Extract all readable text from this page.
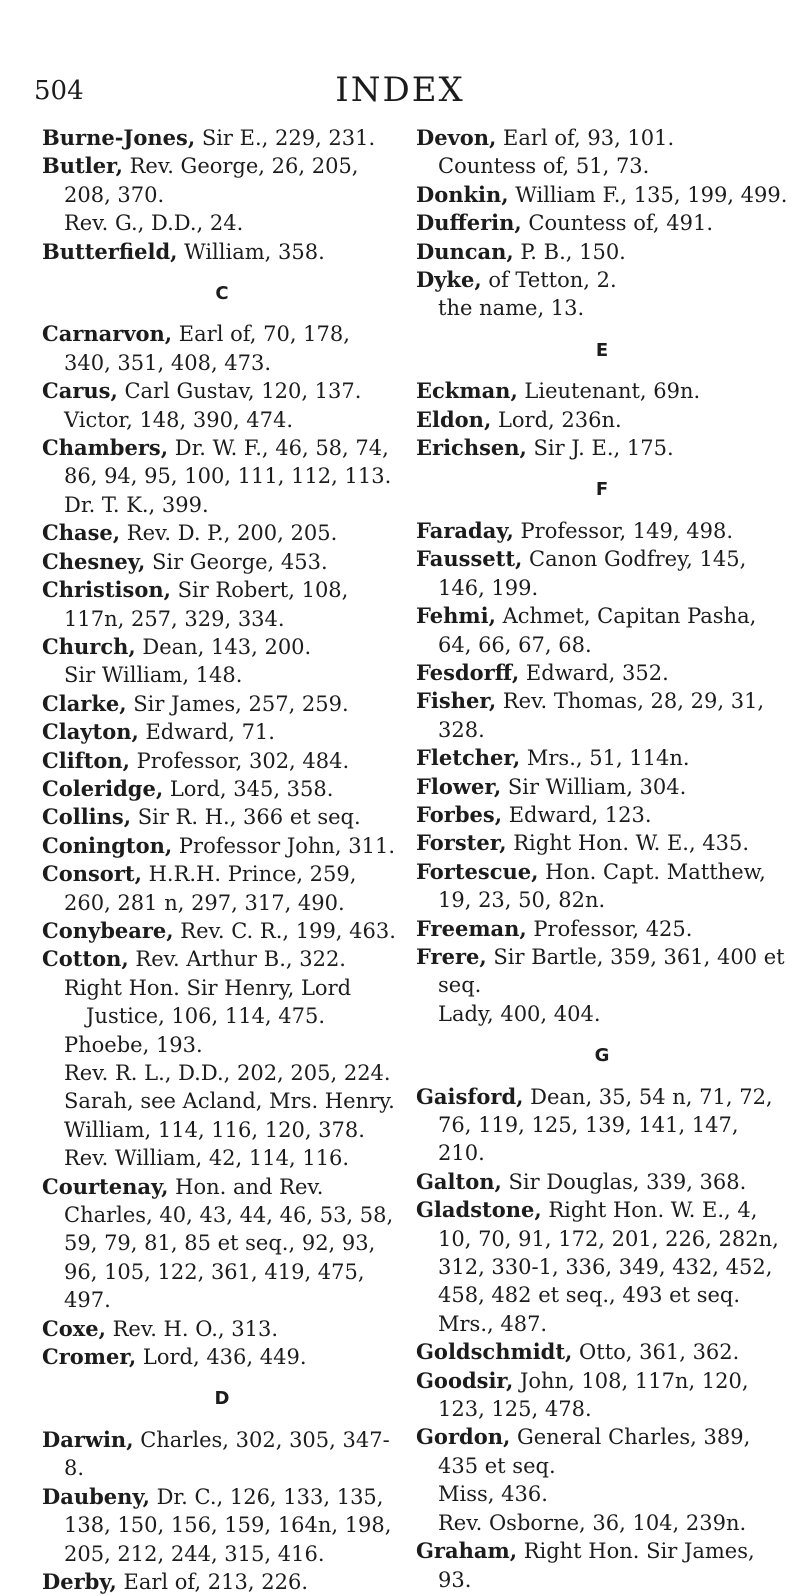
504	INDEX
Burne-Jones, Sir E., 229, 231.
Butler, Rev. George, 26, 205, 208, 370.
Rev. G., D.D., 24.
Butterfield, William, 358.
C
Carnarvon, Earl of, 70, 178, 340, 351, 408, 473.
Carus, Carl Gustav, 120, 137.
Victor, 148, 390, 474.
Chambers, Dr. W. F., 46, 58, 74, 86, 94, 95, 100, 111, 112, 113.
Dr. T. K., 399.
Chase, Rev. D. P., 200, 205.
Chesney, Sir George, 453.
Christison, Sir Robert, 108, 117n, 257, 329, 334.
Church, Dean, 143, 200.
Sir William, 148.
Clarke, Sir James, 257, 259.
Clayton, Edward, 71.
Clifton, Professor, 302, 484.
Coleridge, Lord, 345, 358.
Collins, Sir R. H., 366 et seq.
Conington, Professor John, 311.
Consort, H.R.H. Prince, 259, 260, 281 n, 297, 317, 490.
Conybeare, Rev. C. R., 199, 463.
Cotton, Rev. Arthur B., 322.
Right Hon. Sir Henry, Lord Justice, 106, 114, 475.
Phoebe, 193.
Rev. R. L., D.D., 202, 205, 224.
Sarah, see Acland, Mrs. Henry.
William, 114, 116, 120, 378.
Rev. William, 42, 114, 116.
Courtenay, Hon. and Rev. Charles, 40, 43, 44, 46, 53, 58, 59, 79, 81, 85 et seq., 92, 93, 96, 105, 122, 361, 419, 475, 497.
Coxe, Rev. H. O., 313.
Cromer, Lord, 436, 449.
D
Darwin, Charles, 302, 305, 347-8.
Daubeny, Dr. C., 126, 133, 135, 138, 150, 156, 159, 164n, 198, 205, 212, 244, 315, 416.
Derby, Earl of, 213, 226.
Devon, Earl of, 93, 101.
Countess of, 51, 73.
Donkin, William F., 135, 199, 499.
Dufferin, Countess of, 491.
Duncan, P. B., 150.
Dyke, of Tetton, 2.
the name, 13.
E
Eckman, Lieutenant, 69n.
Eldon, Lord, 236n.
Erichsen, Sir J. E., 175.
F
Faraday, Professor, 149, 498.
Faussett, Canon Godfrey, 145, 146, 199.
Fehmi, Achmet, Capitan Pasha, 64, 66, 67, 68.
Fesdorff, Edward, 352.
Fisher, Rev. Thomas, 28, 29, 31, 328.
Fletcher, Mrs., 51, 114n.
Flower, Sir William, 304.
Forbes, Edward, 123.
Forster, Right Hon. W. E., 435.
Fortescue, Hon. Capt. Matthew, 19, 23, 50, 82n.
Freeman, Professor, 425.
Frere, Sir Bartle, 359, 361, 400 et seq.
Lady, 400, 404.
G
Gaisford, Dean, 35, 54 n, 71, 72, 76, 119, 125, 139, 141, 147, 210.
Galton, Sir Douglas, 339, 368.
Gladstone, Right Hon. W. E., 4, 10, 70, 91, 172, 201, 226, 282n, 312, 330-1, 336, 349, 432, 452, 458, 482 et seq., 493 et seq.
Mrs., 487.
Goldschmidt, Otto, 361, 362.
Goodsir, John, 108, 117n, 120, 123, 125, 478.
Gordon, General Charles, 389, 435 et seq.
Miss, 436.
Rev. Osborne, 36, 104, 239n.
Graham, Right Hon. Sir James, 93.
